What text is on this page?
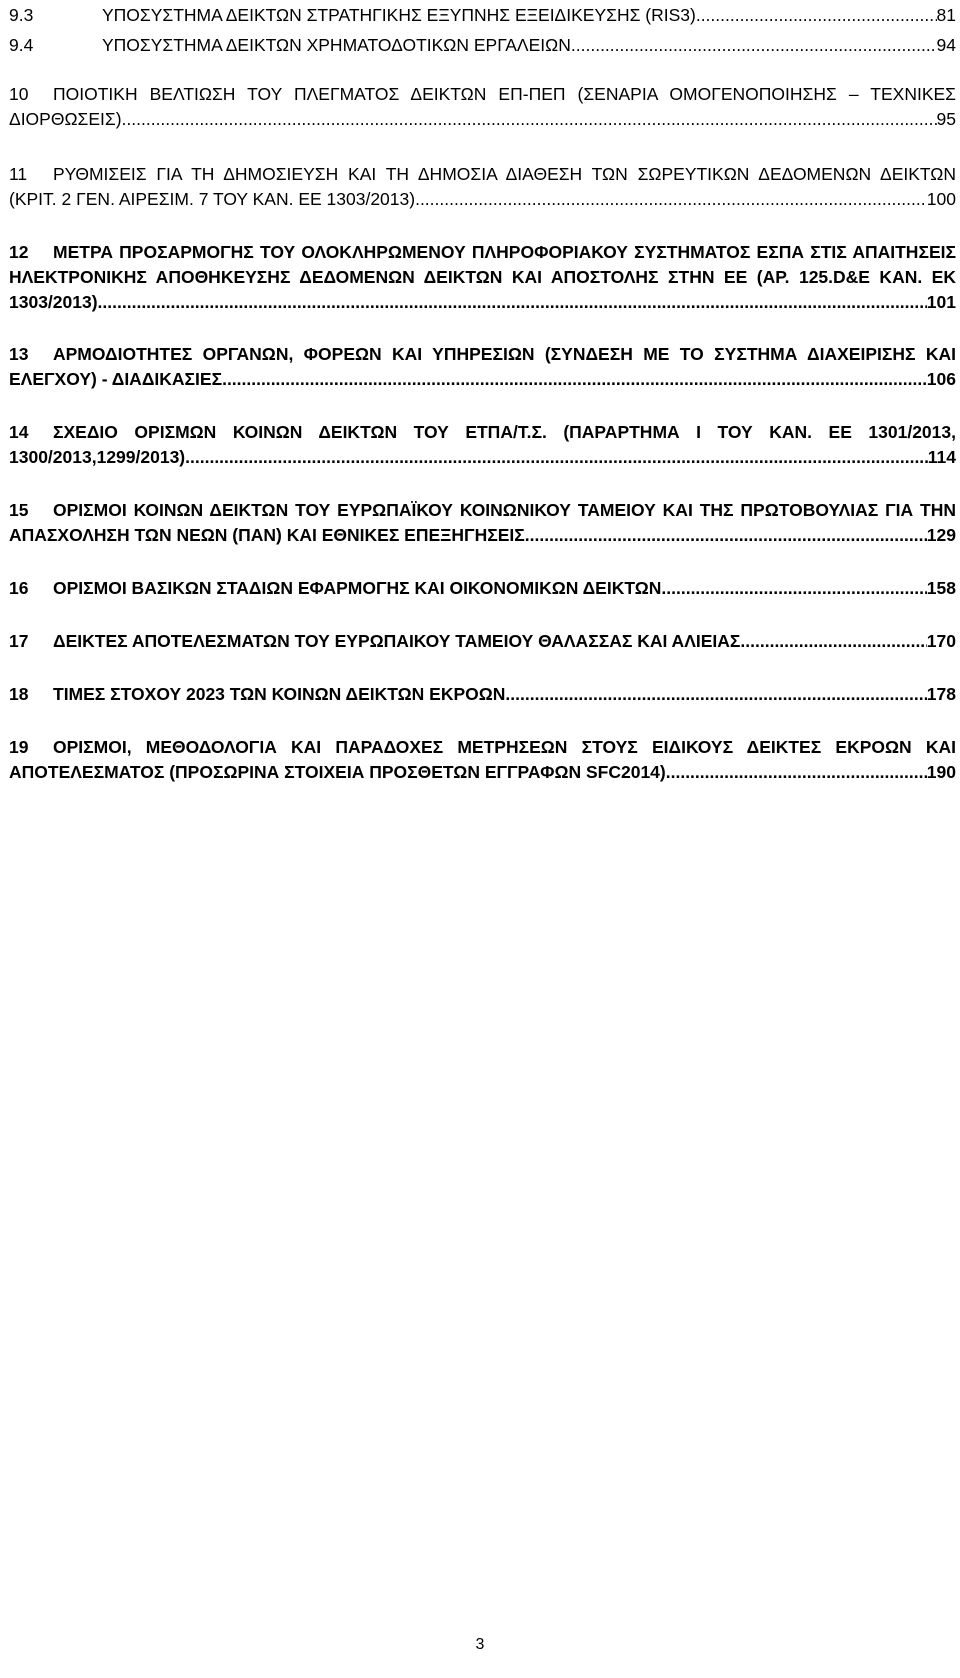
9.3	ΥΠΟΣΥΣΤΗΜΑ ΔΕΙΚΤΩΝ ΣΤΡΑΤΗΓΙΚΗΣ ΕΞΥΠΝΗΣ ΕΞΕΙΔΙΚΕΥΣΗΣ (RIS3) .....	81
9.4	ΥΠΟΣΥΣΤΗΜΑ ΔΕΙΚΤΩΝ ΧΡΗΜΑΤΟΔΟΤΙΚΩΝ ΕΡΓΑΛΕΙΩΝ .....	94
10	ΠΟΙΟΤΙΚΗ ΒΕΛΤΙΩΣΗ ΤΟΥ ΠΛΕΓΜΑΤΟΣ ΔΕΙΚΤΩΝ ΕΠ-ΠΕΠ (ΣΕΝΑΡΙΑ ΟΜΟΓΕΝΟΠΟΙΗΣΗΣ – ΤΕΧΝΙΚΕΣ
ΔΙΟΡΘΩΣΕΙΣ) .....	95
11	ΡΥΘΜΙΣΕΙΣ ΓΙΑ ΤΗ ΔΗΜΟΣΙΕΥΣΗ ΚΑΙ ΤΗ ΔΗΜΟΣΙΑ ΔΙΑΘΕΣΗ ΤΩΝ ΣΩΡΕΥΤΙΚΩΝ ΔΕΔΟΜΕΝΩΝ ΔΕΙΚΤΩΝ
(ΚΡΙΤ. 2 ΓΕΝ. ΑΙΡΕΣΙΜ. 7 ΤΟΥ ΚΑΝ. ΕΕ 1303/2013). .....	100
12	ΜΕΤΡΑ ΠΡΟΣΑΡΜΟΓΗΣ ΤΟΥ ΟΛΟΚΛΗΡΩΜΕΝΟΥ ΠΛΗΡΟΦΟΡΙΑΚΟΥ ΣΥΣΤΗΜΑΤΟΣ ΕΣΠΑ ΣΤΙΣ ΑΠΑΙΤΗΣΕΙΣ
ΗΛΕΚΤΡΟΝΙΚΗΣ ΑΠΟΘΗΚΕΥΣΗΣ ΔΕΔΟΜΕΝΩΝ ΔΕΙΚΤΩΝ ΚΑΙ ΑΠΟΣΤΟΛΗΣ ΣΤΗΝ ΕΕ (ΑΡ. 125.D&E ΚΑΝ. ΕΚ
1303/2013). .....	101
13	ΑΡΜΟΔΙΟΤΗΤΕΣ ΟΡΓΑΝΩΝ, ΦΟΡΕΩΝ ΚΑΙ ΥΠΗΡΕΣΙΩΝ (ΣΥΝΔΕΣΗ ΜΕ ΤΟ ΣΥΣΤΗΜΑ ΔΙΑΧΕΙΡΙΣΗΣ ΚΑΙ
ΕΛΕΓΧΟΥ) - ΔΙΑΔΙΚΑΣΙΕΣ .....	106
14	ΣΧΕΔΙΟ ΟΡΙΣΜΩΝ ΚΟΙΝΩΝ ΔΕΙΚΤΩΝ ΤΟΥ ΕΤΠΑ/Τ.Σ. (ΠΑΡΑΡΤΗΜΑ Ι ΤΟΥ ΚΑΝ. ΕΕ 1301/2013,
1300/2013,1299/2013) .....	114
15	ΟΡΙΣΜΟΙ ΚΟΙΝΩΝ ΔΕΙΚΤΩΝ ΤΟΥ ΕΥΡΩΠΑΪΚΟΥ ΚΟΙΝΩΝΙΚΟΥ ΤΑΜΕΙΟΥ ΚΑΙ ΤΗΣ ΠΡΩΤΟΒΟΥΛΙΑΣ ΓΙΑ ΤΗΝ
ΑΠΑΣΧΟΛΗΣΗ ΤΩΝ ΝΕΩΝ (ΠΑΝ) ΚΑΙ ΕΘΝΙΚΕΣ ΕΠΕΞΗΓΗΣΕΙΣ .....	129
16	ΟΡΙΣΜΟΙ ΒΑΣΙΚΩΝ ΣΤΑΔΙΩΝ ΕΦΑΡΜΟΓΗΣ ΚΑΙ ΟΙΚΟΝΟΜΙΚΩΝ ΔΕΙΚΤΩΝ .....	158
17	ΔΕΙΚΤΕΣ ΑΠΟΤΕΛΕΣΜΑΤΩΝ ΤΟΥ ΕΥΡΩΠΑΙΚΟΥ ΤΑΜΕΙΟΥ ΘΑΛΑΣΣΑΣ ΚΑΙ ΑΛΙΕΙΑΣ .....	170
18	ΤΙΜΕΣ ΣΤΟΧΟΥ 2023 ΤΩΝ ΚΟΙΝΩΝ ΔΕΙΚΤΩΝ ΕΚΡΟΩΝ. .....	178
19	ΟΡΙΣΜΟΙ, ΜΕΘΟΔΟΛΟΓΙΑ ΚΑΙ ΠΑΡΑΔΟΧΕΣ ΜΕΤΡΗΣΕΩΝ ΣΤΟΥΣ ΕΙΔΙΚΟΥΣ ΔΕΙΚΤΕΣ ΕΚΡΟΩΝ ΚΑΙ
ΑΠΟΤΕΛΕΣΜΑΤΟΣ (ΠΡΟΣΩΡΙΝΑ ΣΤΟΙΧΕΙΑ ΠΡΟΣΘΕΤΩΝ ΕΓΓΡΑΦΩΝ SFC2014) .....	190
3
